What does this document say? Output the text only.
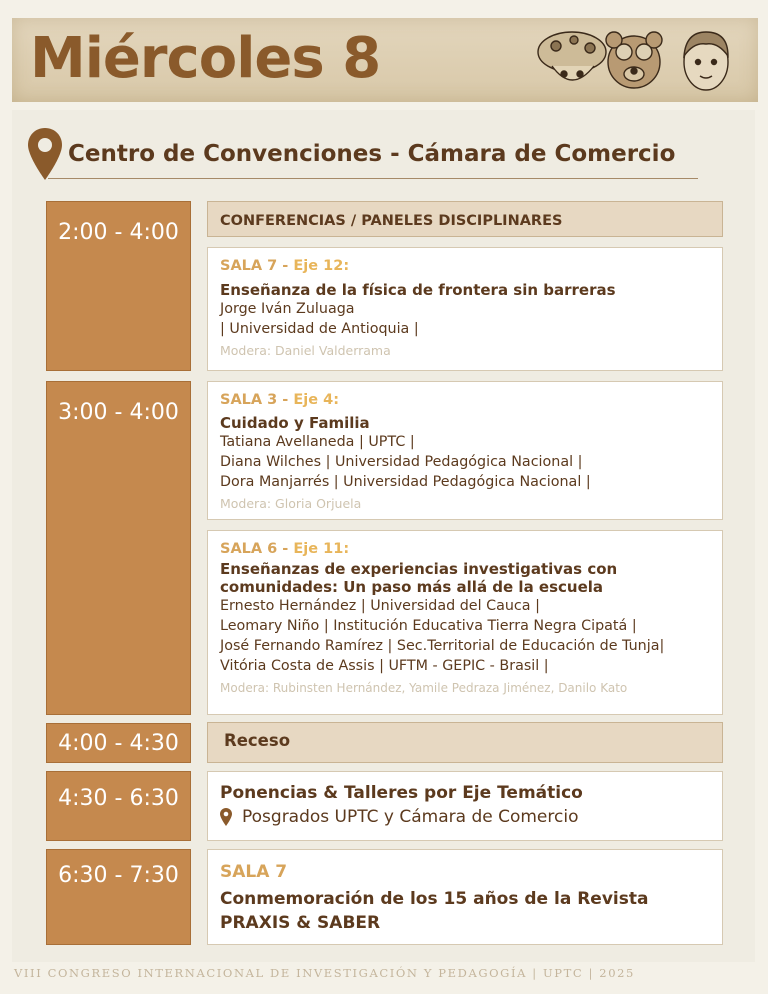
Miércoles 8
Centro de Convenciones - Cámara de Comercio
2:00 - 4:00	CONFERENCIAS / PANELES DISCIPLINARES
SALA 7 - Eje 12:
Enseñanza de la física de frontera sin barreras
Jorge Iván Zuluaga
| Universidad de Antioquia |
Modera: Daniel Valderrama
3:00 - 4:00	SALA 3 - Eje 4:
Cuidado y Familia
Tatiana Avellaneda | UPTC |
Diana Wilches | Universidad Pedagógica Nacional |
Dora Manjarrés | Universidad Pedagógica Nacional |
Modera: Gloria Orjuela
SALA 6 - Eje 11:
Enseñanzas de experiencias investigativas con comunidades: Un paso más allá de la escuela
Ernesto Hernández | Universidad del Cauca |
Leomary Niño | Institución Educativa Tierra Negra Cipatá |
José Fernando Ramírez | Sec.Territorial de Educación de Tunja|
Vitória Costa de Assis | UFTM - GEPIC - Brasil |
Modera: Rubinsten Hernández, Yamile Pedraza Jiménez, Danilo Kato
4:00 - 4:30	Receso
4:30 - 6:30	Ponencias & Talleres por Eje Temático
Posgrados UPTC y Cámara de Comercio
6:30 - 7:30	SALA 7
Conmemoración de los 15 años de la Revista
PRAXIS & SABER
VIII CONGRESO INTERNACIONAL DE INVESTIGACIÓN Y PEDAGOGÍA | UPTC | 2025
